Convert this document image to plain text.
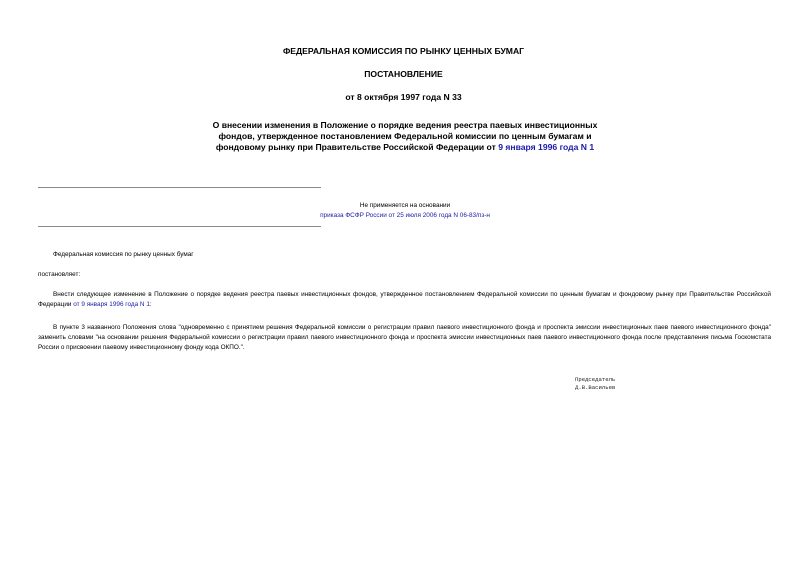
ФЕДЕРАЛЬНАЯ КОМИССИЯ ПО РЫНКУ ЦЕННЫХ БУМАГ

ПОСТАНОВЛЕНИЕ

от 8 октября 1997 года N 33

О внесении изменения в Положение о порядке ведения реестра паевых инвестиционных фондов, утвержденное постановлением Федеральной комиссии по ценным бумагам и фондовому рынку при Правительстве Российской Федерации от 9 января 1996 года N 1

Не применяется на основании

приказа ФСФР России от 25 июля 2006 года N 06-83/пз-н

Федеральная комиссия по рынку ценных бумаг

постановляет:

Внести следующее изменение в Положение о порядке ведения реестра паевых инвестиционных фондов, утвержденное постановлением Федеральной комиссии по ценным бумагам и фондовому рынку при Правительстве Российской Федерации от 9 января 1996 года N 1:

В пункте 3 названного Положения слова "одновременно с принятием решения Федеральной комиссии о регистрации правил паевого инвестиционного фонда и проспекта эмиссии инвестиционных паев паевого инвестиционного фонда" заменить словами "на основании решения Федеральной комиссии о регистрации правил паевого инвестиционного фонда и проспекта эмиссии инвестиционных паев паевого инвестиционного фонда после представления письма Госкомстата России о присвоении паевому инвестиционному фонду кода ОКПО.".

Председатель

Д.В.Васильев
